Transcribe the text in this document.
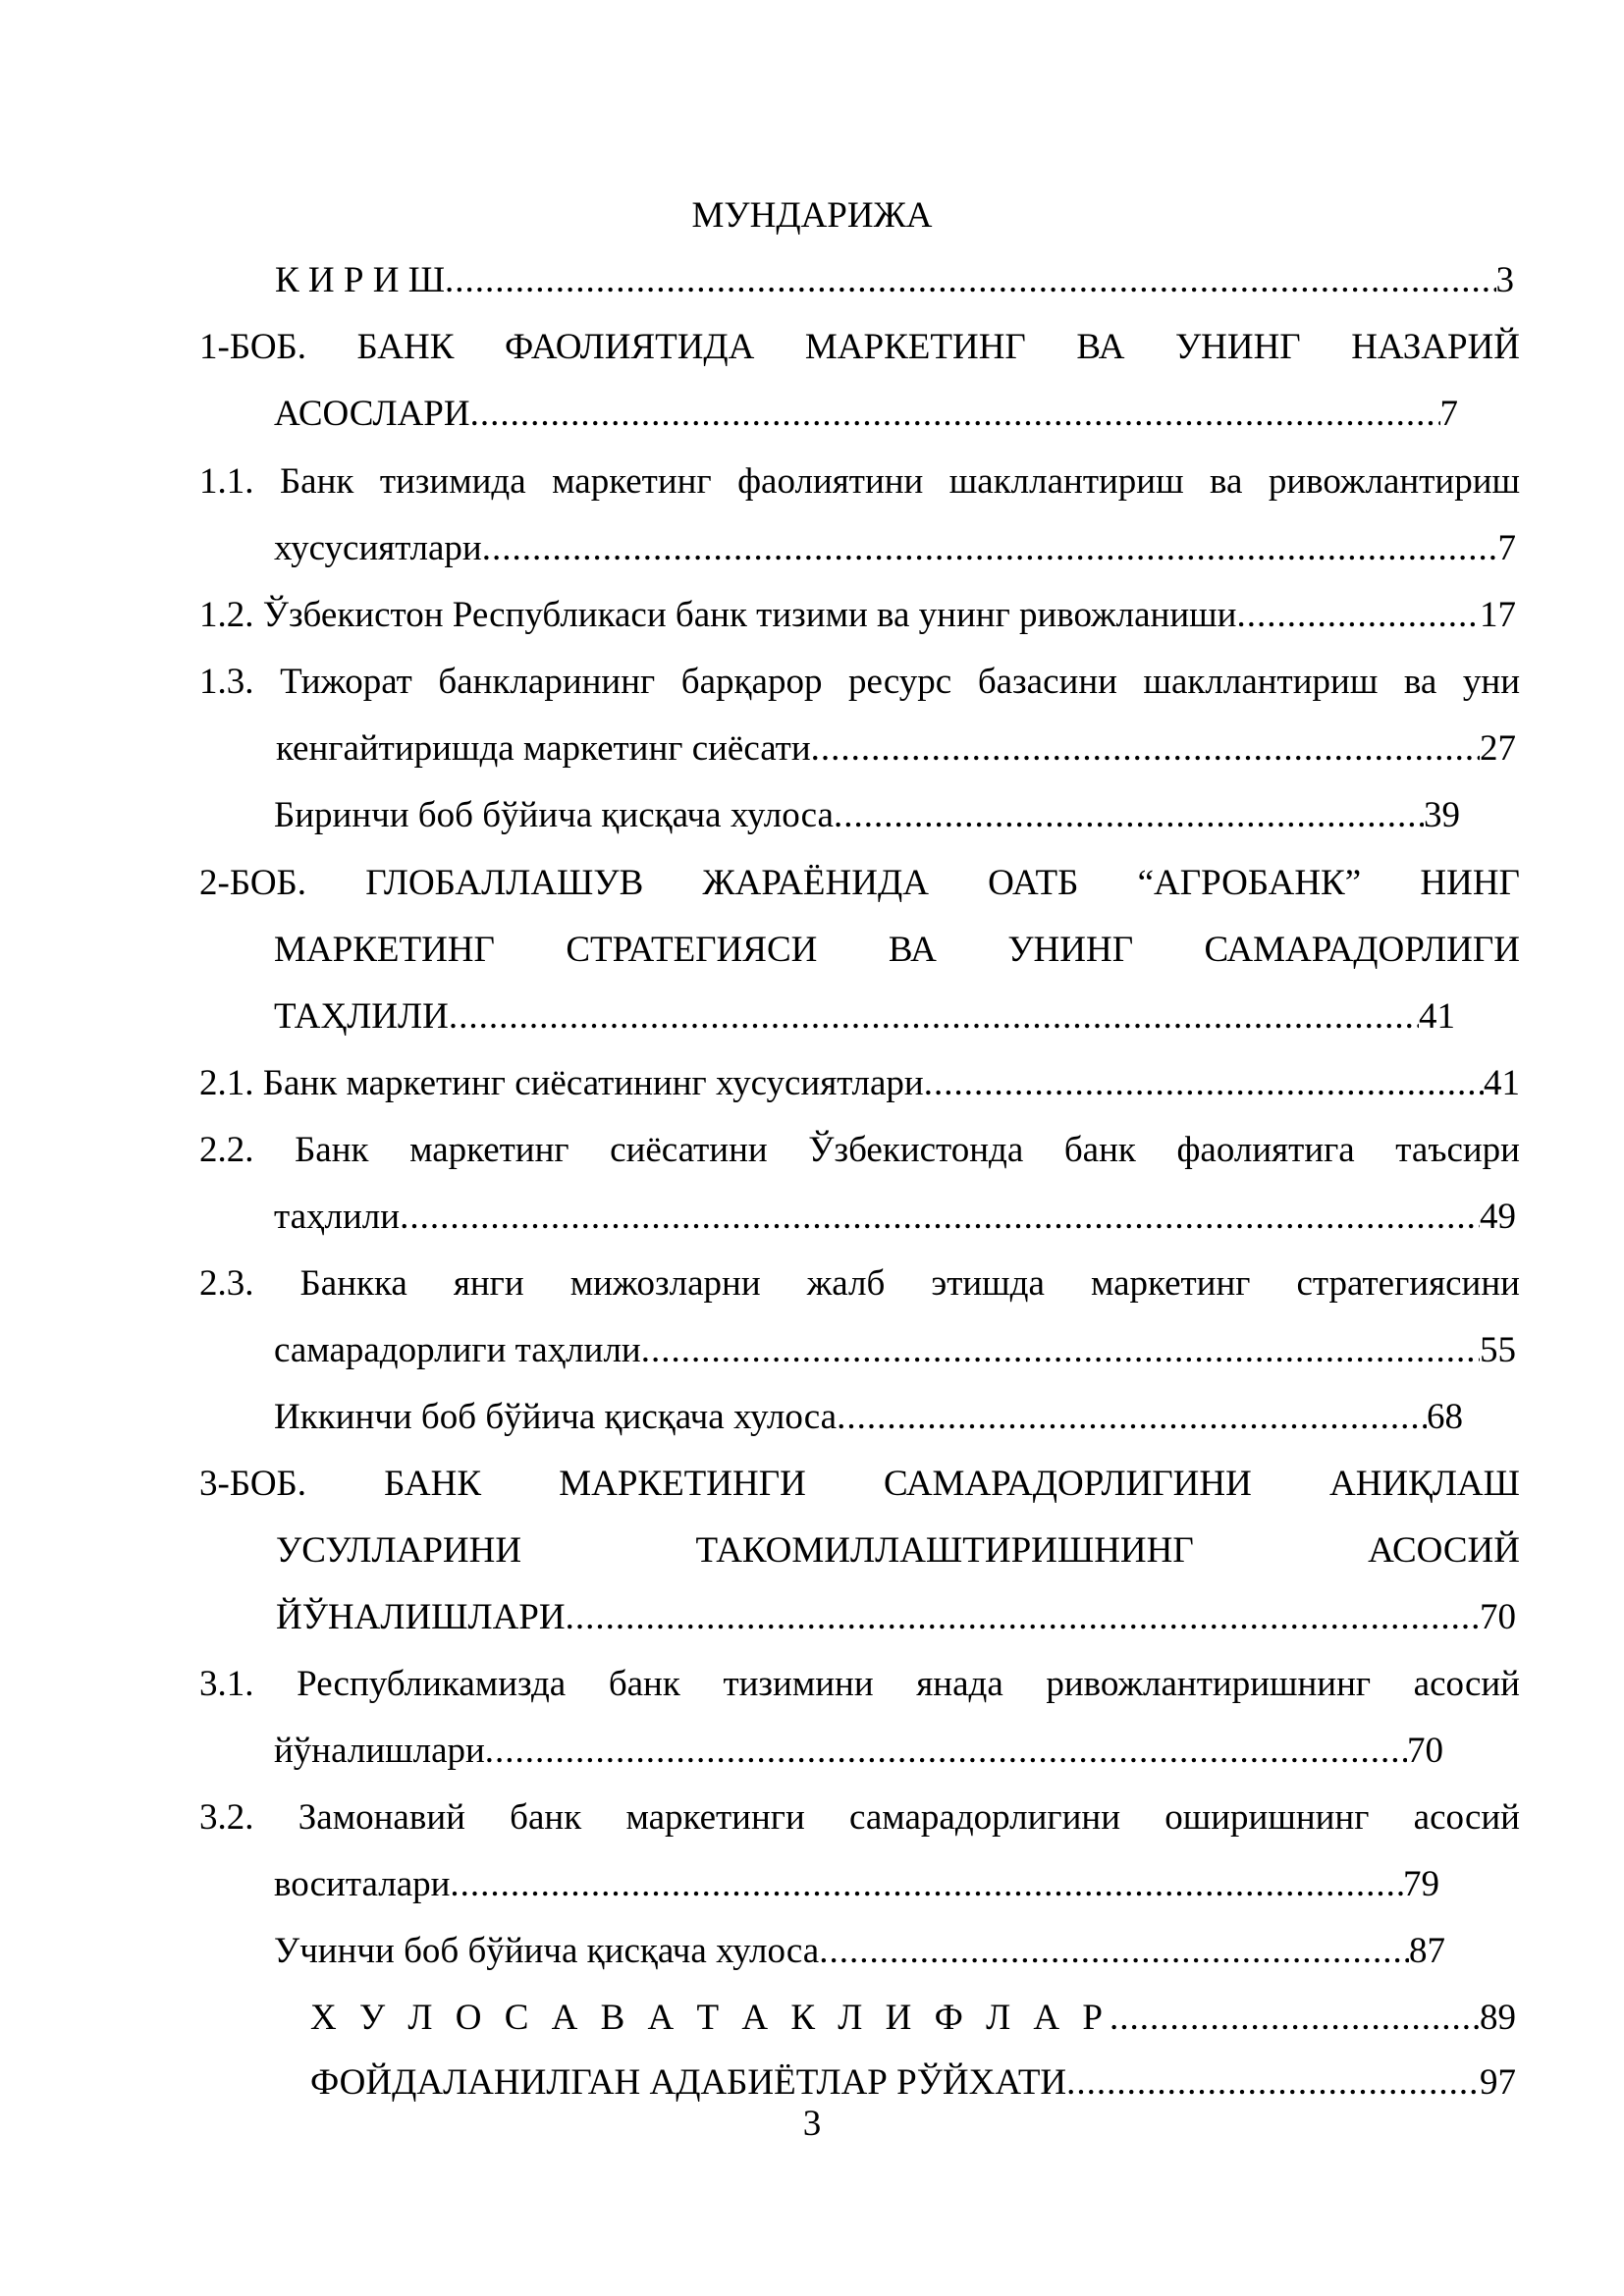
МУНДАРИЖА
К И Р И Ш .....	3
1-БОБ. БАНК ФАОЛИЯТИДА МАРКЕТИНГ ВА УНИНГ НАЗАРИЙ
АСОСЛАРИ .....	7
1.1. Банк тизимида маркетинг фаолиятини шакллантириш ва ривожлантириш
хусусиятлари .....	7
1.2. Ўзбекистон Республикаси банк тизими ва унинг ривожланиши .....	17
1.3. Тижорат банкларининг барқарор ресурс базасини шакллантириш ва уни
кенгайтиришда маркетинг сиёсати .....	27
Биринчи боб бўйича қисқача хулоса .....	39
2-БОБ. ГЛОБАЛЛАШУВ ЖАРАЁНИДА ОАТБ “АГРОБАНК” НИНГ
МАРКЕТИНГ СТРАТЕГИЯСИ ВА УНИНГ САМАРАДОРЛИГИ
ТАҲЛИЛИ .....	41
2.1. Банк маркетинг сиёсатининг хусусиятлари .....	41
2.2. Банк маркетинг сиёсатини Ўзбекистонда банк фаолиятига таъсири
таҳлили .....	49
2.3. Банкка янги мижозларни жалб этишда маркетинг стратегиясини
самарадорлиги таҳлили .....	55
Иккинчи боб бўйича қисқача хулоса .....	68
3-БОБ. БАНК МАРКЕТИНГИ САМАРАДОРЛИГИНИ АНИҚЛАШ
УСУЛЛАРИНИ	ТАКОМИЛЛАШТИРИШНИНГ	АСОСИЙ
ЙЎНАЛИШЛАРИ .....	70
3.1. Республикамизда банк тизимини янада ривожлантиришнинг асосий
йўналишлари .....	70
3.2. Замонавий банк маркетинги самарадорлигини оширишнинг асосий
воситалари .....	79
Учинчи боб бўйича қисқача хулоса .....	87
Х У Л О С А В А Т А К Л И Ф Л А Р .....	89
ФОЙДАЛАНИЛГАН АДАБИЁТЛАР РЎЙХАТИ .....	97
3
